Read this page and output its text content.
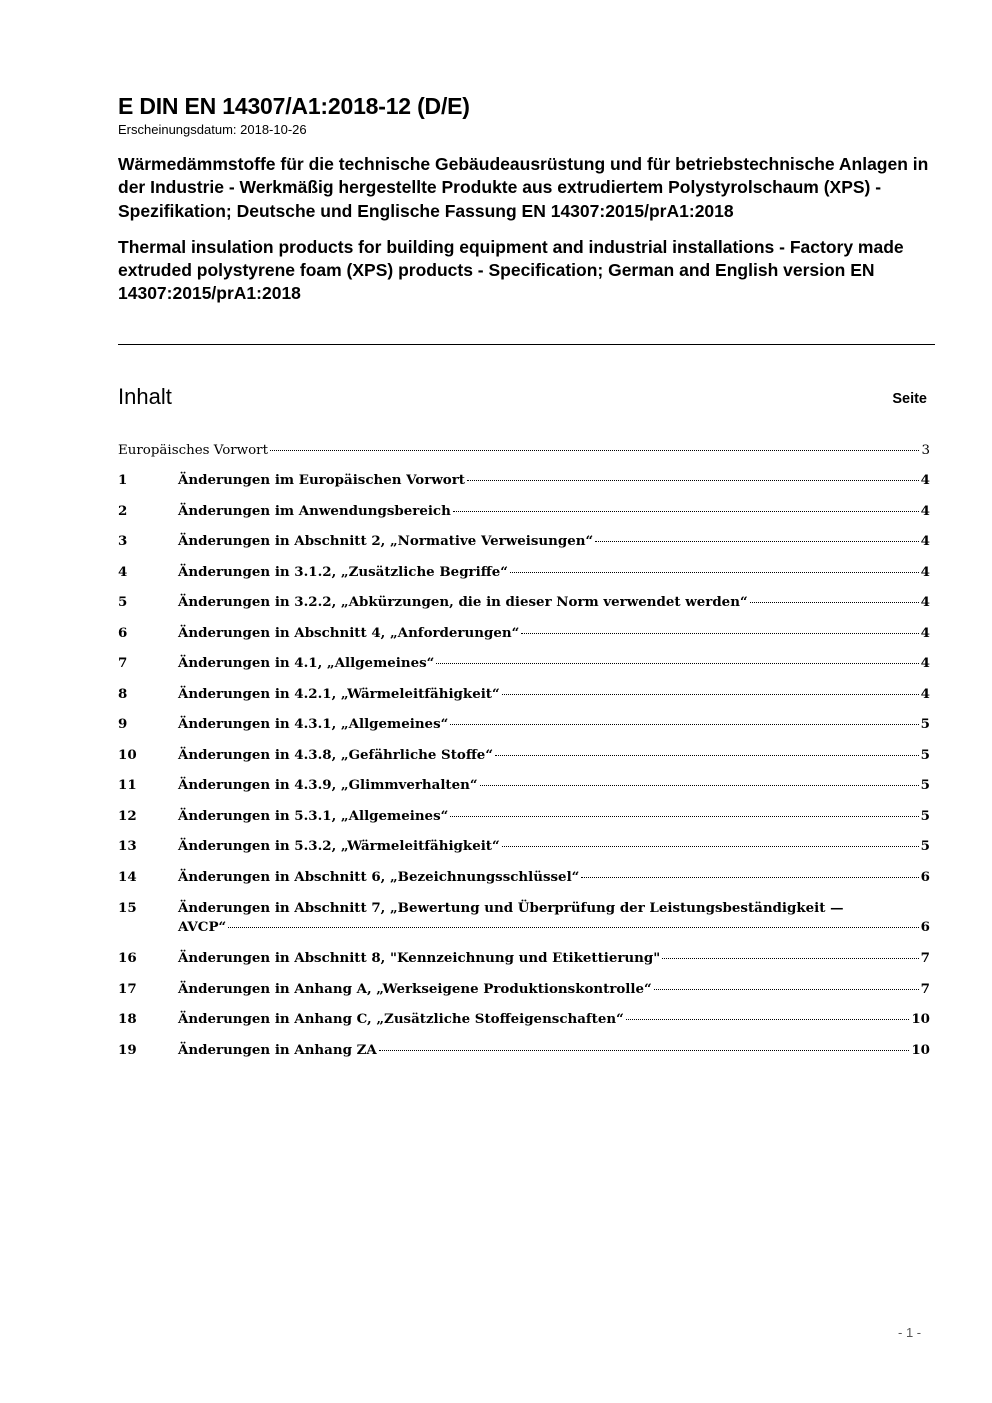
E DIN EN 14307/A1:2018-12 (D/E)
Erscheinungsdatum: 2018-10-26
Wärmedämmstoffe für die technische Gebäudeausrüstung und für betriebstechnische Anlagen in der Industrie - Werkmäßig hergestellte Produkte aus extrudiertem Polystyrolschaum (XPS) - Spezifikation; Deutsche und Englische Fassung EN 14307:2015/prA1:2018
Thermal insulation products for building equipment and industrial installations - Factory made extruded polystyrene foam (XPS) products - Specification; German and English version EN 14307:2015/prA1:2018
Inhalt	Seite
Europäisches Vorwort	3
1	Änderungen im Europäischen Vorwort	4
2	Änderungen im Anwendungsbereich	4
3	Änderungen in Abschnitt 2, „Normative Verweisungen“	4
4	Änderungen in 3.1.2, „Zusätzliche Begriffe“	4
5	Änderungen in 3.2.2, „Abkürzungen, die in dieser Norm verwendet werden“	4
6	Änderungen in Abschnitt 4, „Anforderungen“	4
7	Änderungen in 4.1, „Allgemeines“	4
8	Änderungen in 4.2.1, „Wärmeleitfähigkeit“	4
9	Änderungen in 4.3.1, „Allgemeines“	5
10	Änderungen in 4.3.8, „Gefährliche Stoffe“	5
11	Änderungen in 4.3.9, „Glimmverhalten“	5
12	Änderungen in 5.3.1, „Allgemeines“	5
13	Änderungen in 5.3.2, „Wärmeleitfähigkeit“	5
14	Änderungen in Abschnitt 6, „Bezeichnungsschlüssel“	6
15	Änderungen in Abschnitt 7, „Bewertung und Überprüfung der Leistungsbeständigkeit —
AVCP“	6
16	Änderungen in Abschnitt 8, "Kennzeichnung und Etikettierung"	7
17	Änderungen in Anhang A, „Werkseigene Produktionskontrolle“	7
18	Änderungen in Anhang C, „Zusätzliche Stoffeigenschaften“	10
19	Änderungen in Anhang ZA	10
- 1 -
